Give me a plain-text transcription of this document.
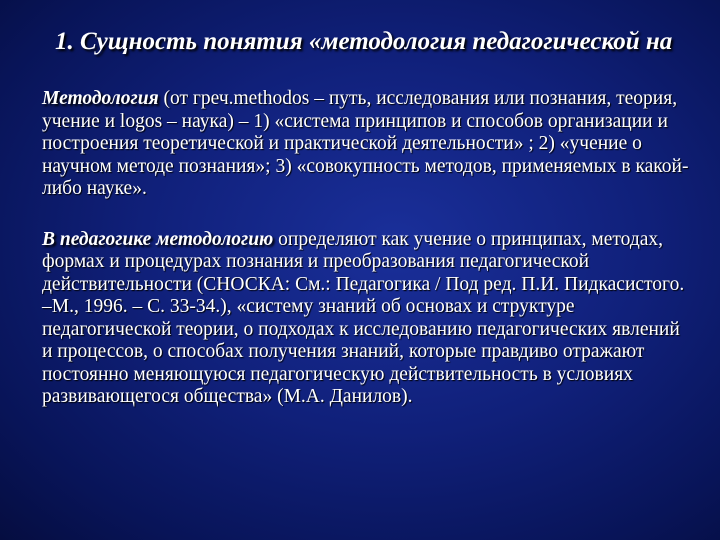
1. Сущность понятия «методология педагогической на

Методология (от греч.methodos – путь, исследования или познания, теория, учение и logos – наука) – 1) «система принципов и способов организации и построения теоретической и практической деятельности» ; 2) «учение о научном методе познания»; 3) «совокупность методов, применяемых в какой-либо науке».

В педагогике методологию определяют как учение о принципах, методах, формах и процедурах познания и преобразования педагогической действительности (СНОСКА: См.: Педагогика / Под ред. П.И. Пидкасистого. –М., 1996. – С. 33-34.), «систему знаний об основах и структуре педагогической теории, о подходах к исследованию педагогических явлений и процессов, о способах получения знаний, которые правдиво отражают постоянно меняющуюся педагогическую действительность в условиях развивающегося общества» (М.А. Данилов).
